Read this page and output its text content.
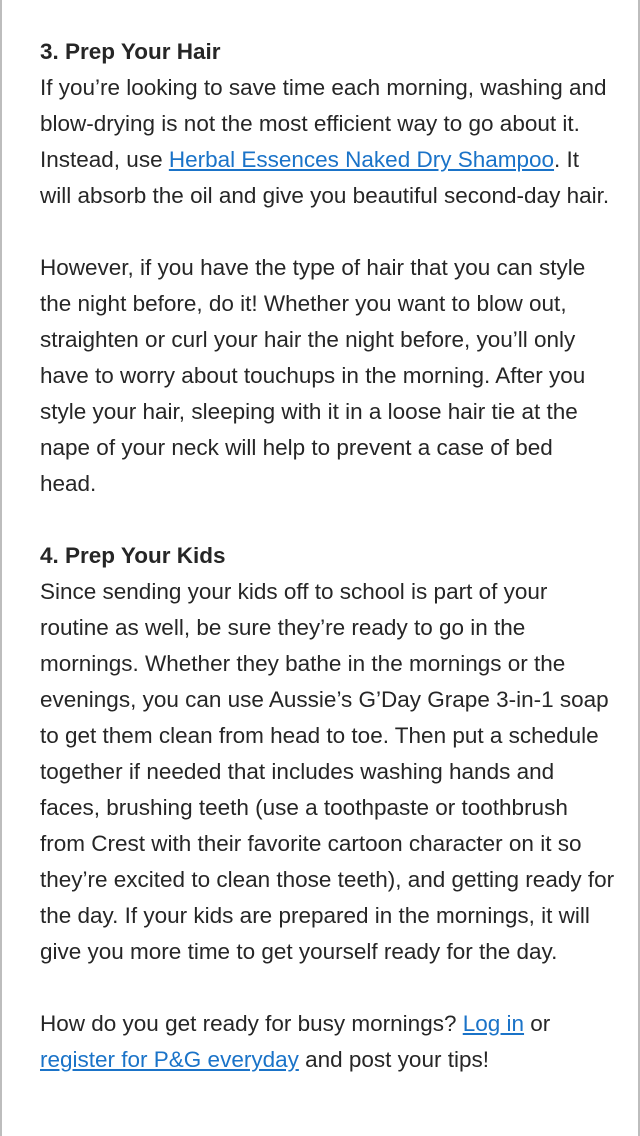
3. Prep Your Hair

If you’re looking to save time each morning, washing and blow-drying is not the most efficient way to go about it. Instead, use Herbal Essences Naked Dry Shampoo. It will absorb the oil and give you beautiful second-day hair.

However, if you have the type of hair that you can style the night before, do it! Whether you want to blow out, straighten or curl your hair the night before, you’ll only have to worry about touchups in the morning. After you style your hair, sleeping with it in a loose hair tie at the nape of your neck will help to prevent a case of bed head.

4. Prep Your Kids

Since sending your kids off to school is part of your routine as well, be sure they’re ready to go in the mornings. Whether they bathe in the mornings or the evenings, you can use Aussie’s G’Day Grape 3-in-1 soap to get them clean from head to toe. Then put a schedule together if needed that includes washing hands and faces, brushing teeth (use a toothpaste or toothbrush from Crest with their favorite cartoon character on it so they’re excited to clean those teeth), and getting ready for the day. If your kids are prepared in the mornings, it will give you more time to get yourself ready for the day.

How do you get ready for busy mornings? Log in or register for P&G everyday and post your tips!
